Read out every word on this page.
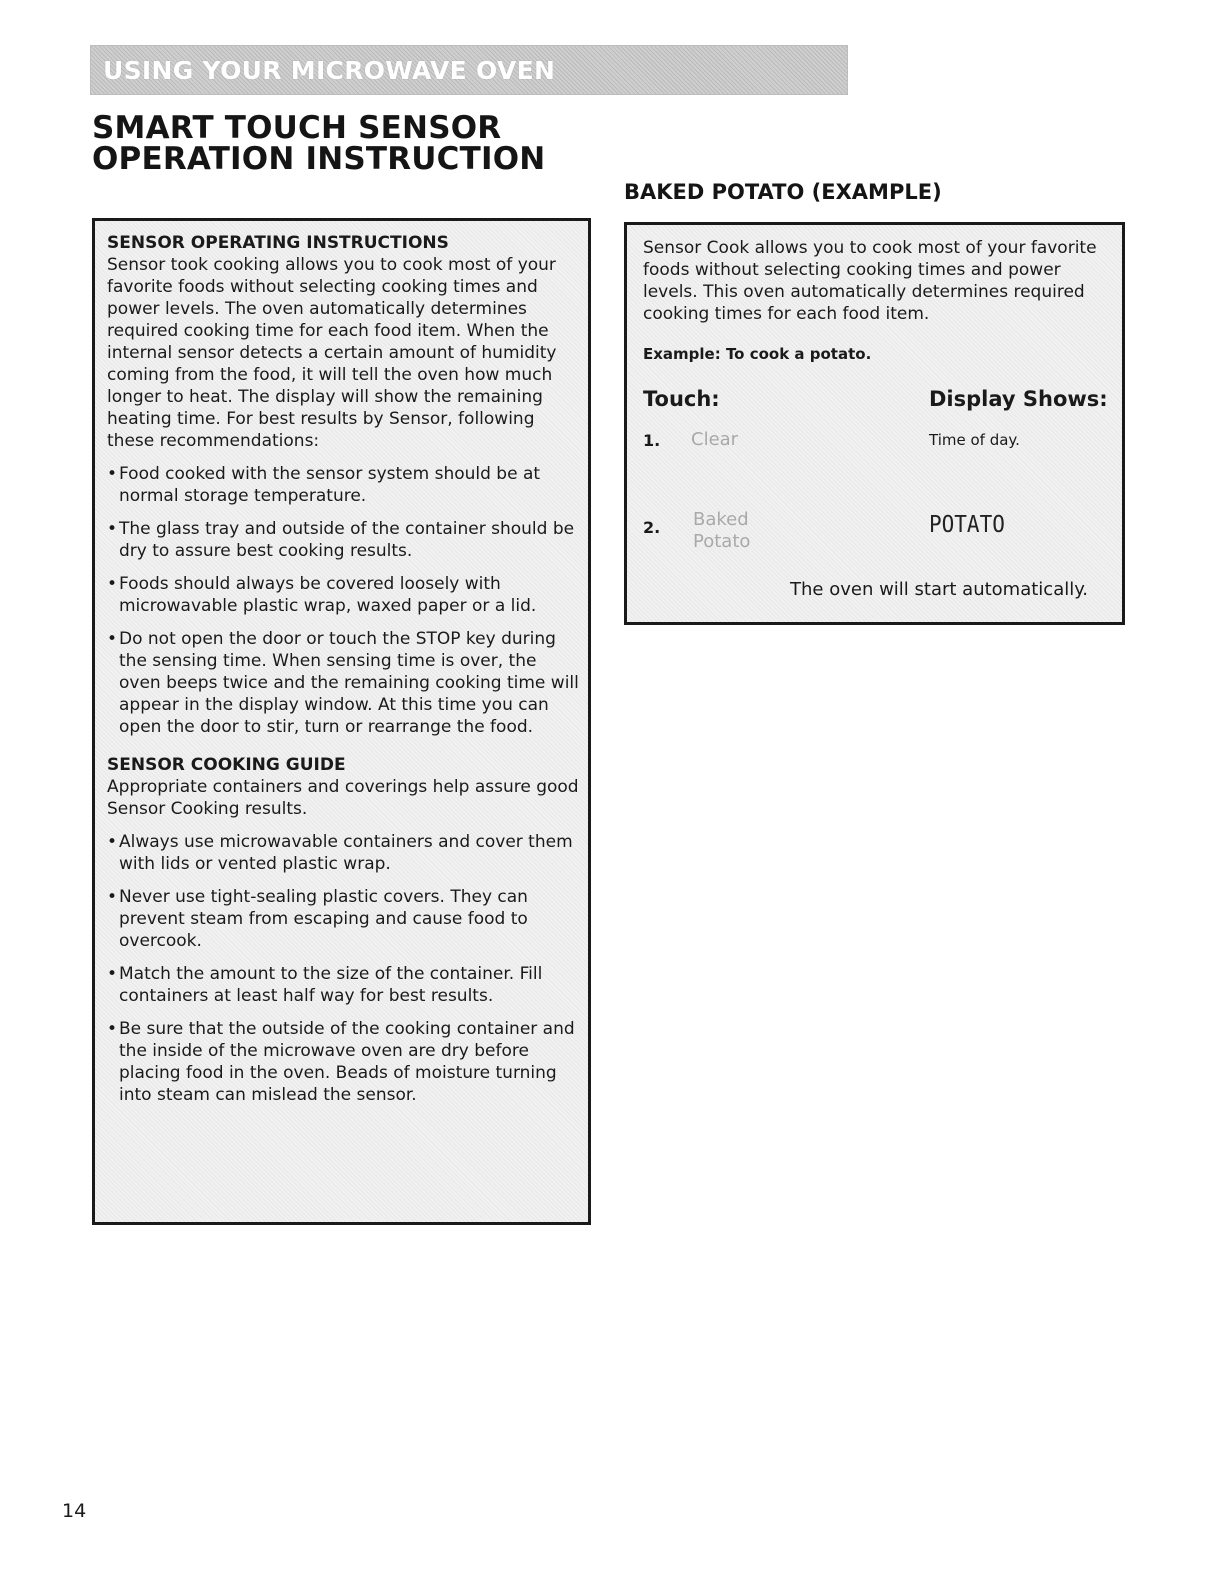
USING YOUR MICROWAVE OVEN
SMART TOUCH SENSOR
OPERATION INSTRUCTION
BAKED POTATO (EXAMPLE)
SENSOR OPERATING INSTRUCTIONS

Sensor took cooking allows you to cook most of your favorite foods without selecting cooking times and power levels. The oven automatically determines required cooking time for each food item. When the internal sensor detects a certain amount of humidity coming from the food, it will tell the oven how much longer to heat. The display will show the remaining heating time. For best results by Sensor, following these recommendations:

• Food cooked with the sensor system should be at normal storage temperature.
• The glass tray and outside of the container should be dry to assure best cooking results.
• Foods should always be covered loosely with microwavable plastic wrap, waxed paper or a lid.
• Do not open the door or touch the STOP key during the sensing time. When sensing time is over, the oven beeps twice and the remaining cooking time will appear in the display window. At this time you can open the door to stir, turn or rearrange the food.
SENSOR COOKING GUIDE

Appropriate containers and coverings help assure good Sensor Cooking results.

• Always use microwavable containers and cover them with lids or vented plastic wrap.
• Never use tight-sealing plastic covers. They can prevent steam from escaping and cause food to overcook.
• Match the amount to the size of the container. Fill containers at least half way for best results.
• Be sure that the outside of the cooking container and the inside of the microwave oven are dry before placing food in the oven. Beads of moisture turning into steam can mislead the sensor.

Sensor Cook allows you to cook most of your favorite foods without selecting cooking times and power levels. This oven automatically determines required cooking times for each food item.

Example: To cook a potato.
Touch:	Display Shows:
1. Clear	Time of day.
2. Baked
Potato
POTATO
The oven will start automatically.
14
